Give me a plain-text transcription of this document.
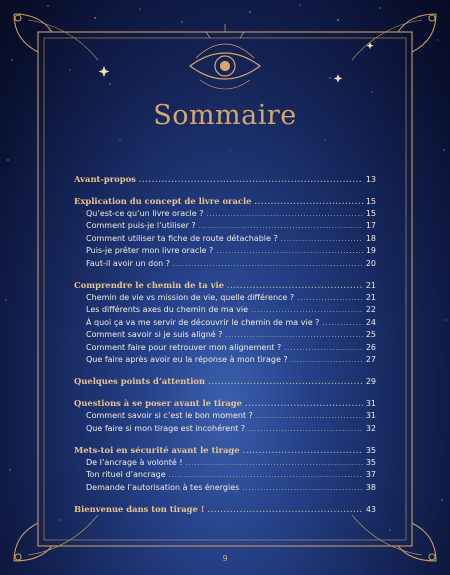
Sommaire
Avant-propos .....	13
Explication du concept de livre oracle .....	15
Qu’est-ce qu’un livre oracle ? .....	15
Comment puis-je l’utiliser ? .....	17
Comment utiliser ta fiche de route détachable ? .....	18
Puis-je prêter mon livre oracle ? .....	19
Faut-il avoir un don ? .....	20
Comprendre le chemin de ta vie .....	21
Chemin de vie vs mission de vie, quelle différence ? .....	21
Les différents axes du chemin de ma vie .....	22
À quoi ça va me servir de découvrir le chemin de ma vie ? .....	24
Comment savoir si je suis aligné ? .....	25
Comment faire pour retrouver mon alignement ? .....	26
Que faire après avoir eu la réponse à mon tirage ? .....	27
Quelques points d’attention .....	29
Questions à se poser avant le tirage .....	31
Comment savoir si c’est le bon moment ? .....	31
Que faire si mon tirage est incohérent ? .....	32
Mets-toi en sécurité avant le tirage .....	35
De l’ancrage à volonté ! .....	35
Ton rituel d’ancrage .....	37
Demande l’autorisation à tes énergies .....	38
Bienvenue dans ton tirage ! .....	43
9
